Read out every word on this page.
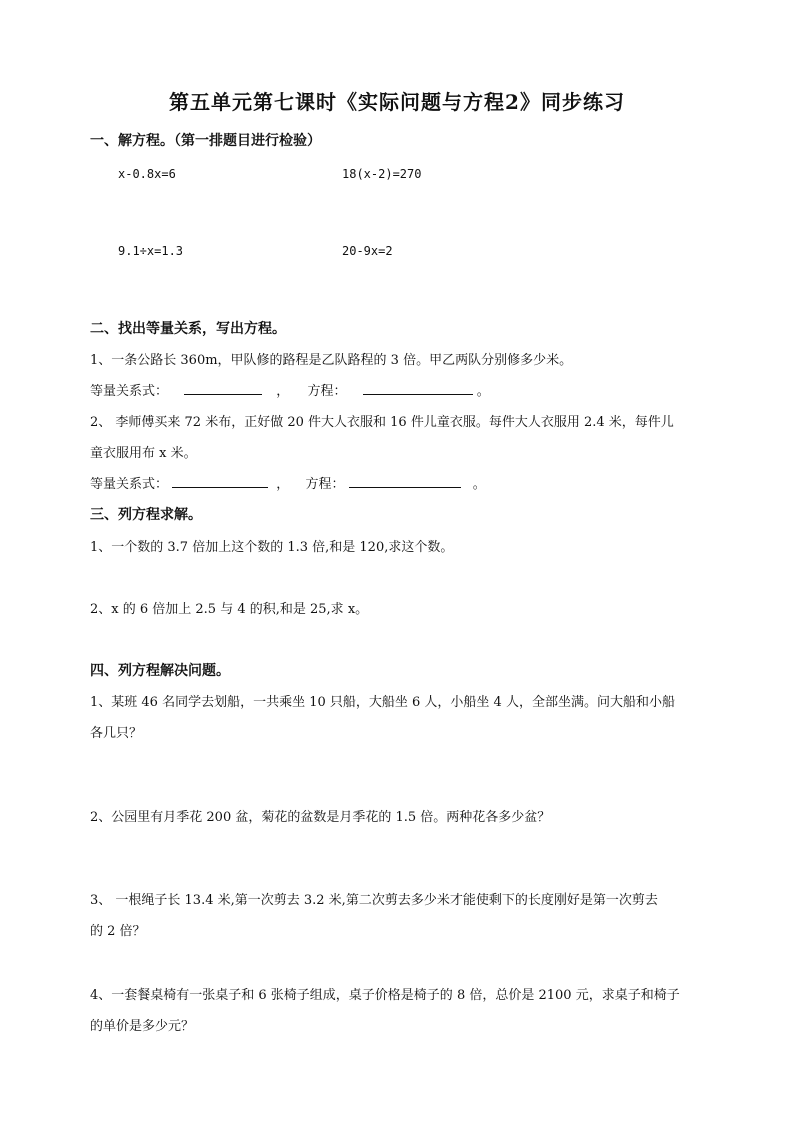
第五单元第七课时《实际问题与方程2》同步练习
一、解方程。（第一排题目进行检验）
x-0.8x=6	18(x-2)=270
9.1÷x=1.3	20-9x=2
二、找出等量关系，写出方程。
1、一条公路长 360m，甲队修的路程是乙队路程的 3 倍。甲乙两队分别修多少米。
等量关系式：	， 方程：	。
2、 李师傅买来 72 米布，正好做 20 件大人衣服和 16 件儿童衣服。每件大人衣服用 2.4 米，每件儿
童衣服用布 x 米。
等量关系式：	， 方程：	。
三、列方程求解。
1、一个数的 3.7 倍加上这个数的 1.3 倍,和是 120,求这个数。
2、x 的 6 倍加上 2.5 与 4 的积,和是 25,求 x。
四、列方程解决问题。
1、某班 46 名同学去划船，一共乘坐 10 只船，大船坐 6 人，小船坐 4 人，全部坐满。问大船和小船
各几只？
2、公园里有月季花 200 盆，菊花的盆数是月季花的 1.5 倍。两种花各多少盆？
3、 一根绳子长 13.4 米,第一次剪去 3.2 米,第二次剪去多少米才能使剩下的长度刚好是第一次剪去
的 2 倍？
4、一套餐桌椅有一张桌子和 6 张椅子组成，桌子价格是椅子的 8 倍，总价是 2100 元，求桌子和椅子
的单价是多少元？
